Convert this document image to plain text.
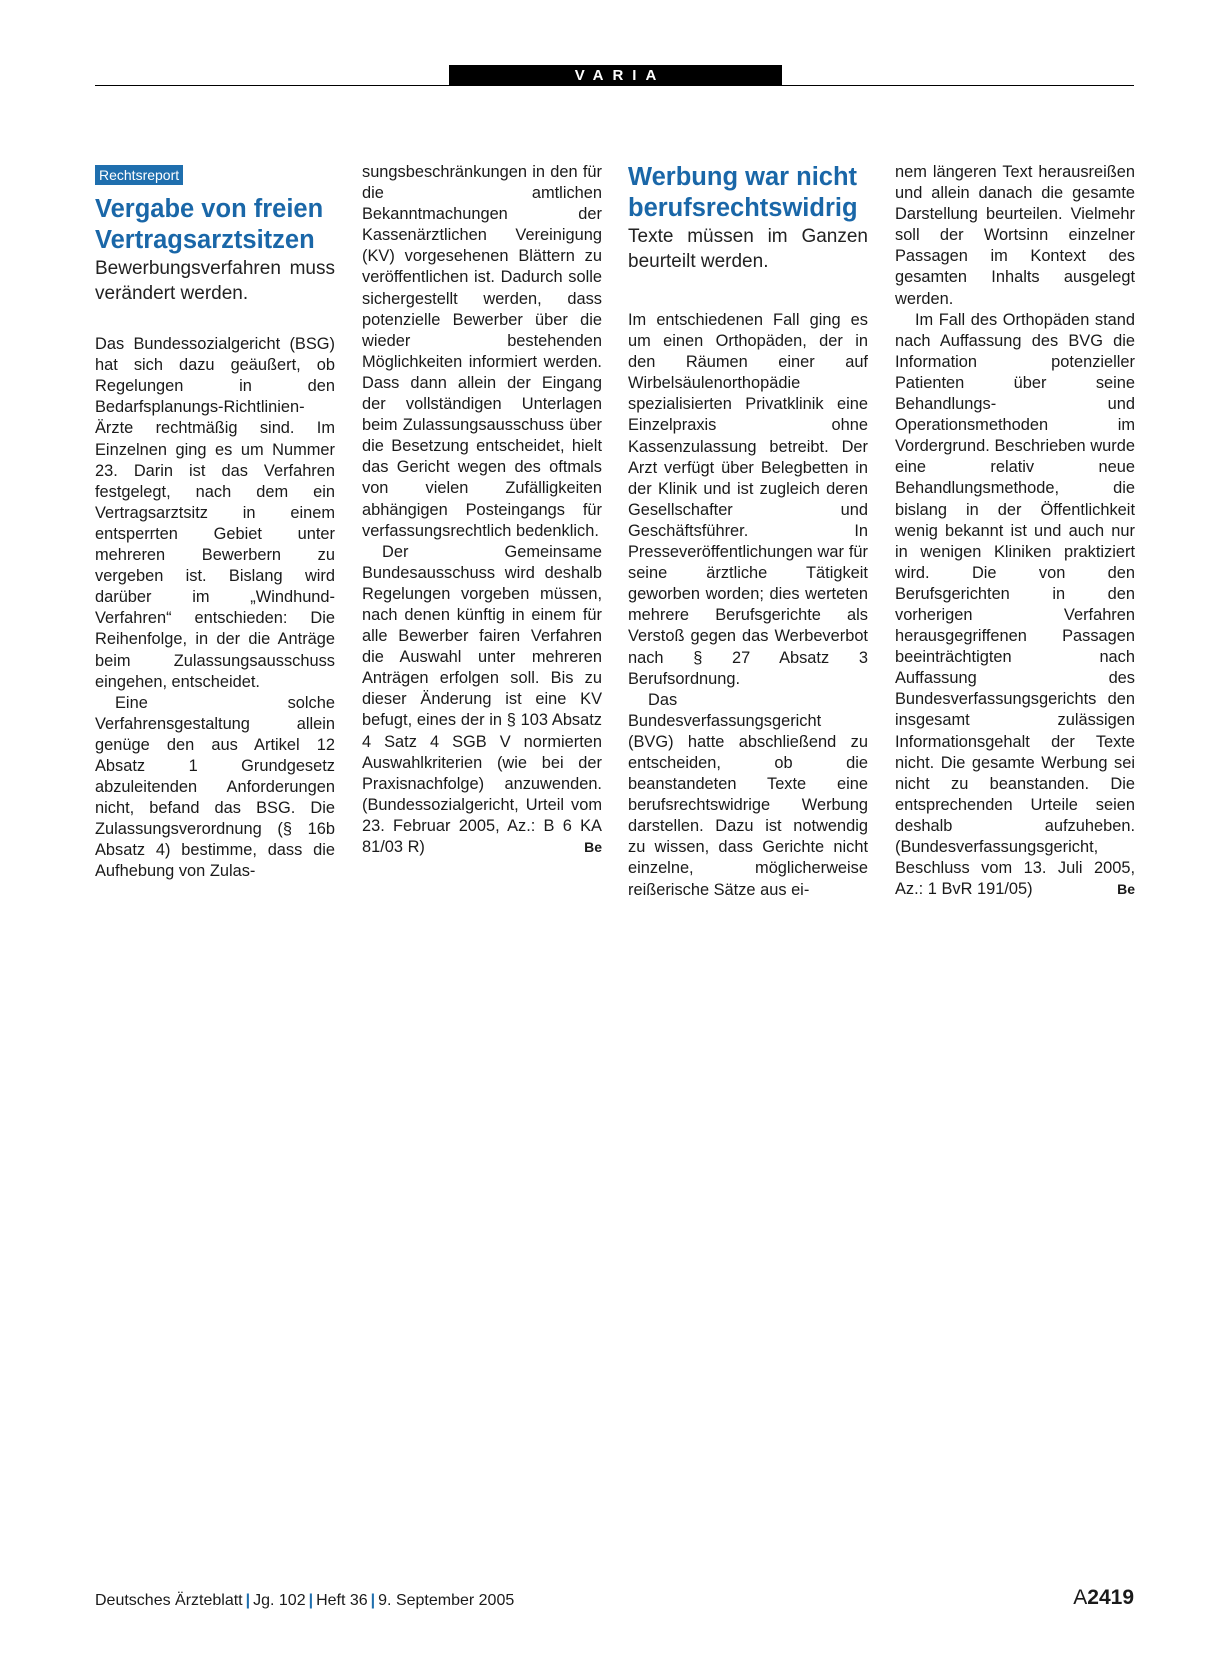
VARIA
Rechtsreport
Vergabe von freien Vertragsarztsitzen

Bewerbungsverfahren muss verändert werden.

Das Bundessozialgericht (BSG) hat sich dazu geäußert, ob Regelungen in den Bedarfsplanungs-Richtlinien-Ärzte rechtmäßig sind. Im Einzelnen ging es um Nummer 23. Darin ist das Verfahren festgelegt, nach dem ein Vertragsarztsitz in einem entsperrten Gebiet unter mehreren Bewerbern zu vergeben ist. Bislang wird darüber im „Windhund-Verfahren“ entschieden: Die Reihenfolge, in der die Anträge beim Zulassungsausschuss eingehen, entscheidet.

Eine solche Verfahrensgestaltung allein genüge den aus Artikel 12 Absatz 1 Grundgesetz abzuleitenden Anforderungen nicht, befand das BSG. Die Zulassungsverordnung (§ 16b Absatz 4) bestimme, dass die Aufhebung von Zulas-

sungsbeschränkungen in den für die amtlichen Bekanntmachungen der Kassenärztlichen Vereinigung (KV) vorgesehenen Blättern zu veröffentlichen ist. Dadurch solle sichergestellt werden, dass potenzielle Bewerber über die wieder bestehenden Möglichkeiten informiert werden. Dass dann allein der Eingang der vollständigen Unterlagen beim Zulassungsausschuss über die Besetzung entscheidet, hielt das Gericht wegen des oftmals von vielen Zufälligkeiten abhängigen Posteingangs für verfassungsrechtlich bedenklich.

Der Gemeinsame Bundesausschuss wird deshalb Regelungen vorgeben müssen, nach denen künftig in einem für alle Bewerber fairen Verfahren die Auswahl unter mehreren Anträgen erfolgen soll. Bis zu dieser Änderung ist eine KV befugt, eines der in § 103 Absatz 4 Satz 4 SGB V normierten Auswahlkriterien (wie bei der Praxisnachfolge) anzuwenden. (Bundessozialgericht, Urteil vom 23. Februar 2005, Az.: B 6 KA 81/03 R)	Be

Werbung war nicht berufsrechtswidrig

Texte müssen im Ganzen beurteilt werden.

Im entschiedenen Fall ging es um einen Orthopäden, der in den Räumen einer auf Wirbelsäulenorthopädie spezialisierten Privatklinik eine Einzelpraxis ohne Kassenzulassung betreibt. Der Arzt verfügt über Belegbetten in der Klinik und ist zugleich deren Gesellschafter und Geschäftsführer. In Presseveröffentlichungen war für seine ärztliche Tätigkeit geworben worden; dies werteten mehrere Berufsgerichte als Verstoß gegen das Werbeverbot nach § 27 Absatz 3 Berufsordnung.

Das Bundesverfassungsgericht (BVG) hatte abschließend zu entscheiden, ob die beanstandeten Texte eine berufsrechtswidrige Werbung darstellen. Dazu ist notwendig zu wissen, dass Gerichte nicht einzelne, möglicherweise reißerische Sätze aus ei-

nem längeren Text herausreißen und allein danach die gesamte Darstellung beurteilen. Vielmehr soll der Wortsinn einzelner Passagen im Kontext des gesamten Inhalts ausgelegt werden.

Im Fall des Orthopäden stand nach Auffassung des BVG die Information potenzieller Patienten über seine Behandlungs- und Operationsmethoden im Vordergrund. Beschrieben wurde eine relativ neue Behandlungsmethode, die bislang in der Öffentlichkeit wenig bekannt ist und auch nur in wenigen Kliniken praktiziert wird. Die von den Berufsgerichten in den vorherigen Verfahren herausgegriffenen Passagen beeinträchtigten nach Auffassung des Bundesverfassungsgerichts den insgesamt zulässigen Informationsgehalt der Texte nicht. Die gesamte Werbung sei nicht zu beanstanden. Die entsprechenden Urteile seien deshalb aufzuheben. (Bundesverfassungsgericht, Beschluss vom 13. Juli 2005, Az.: 1 BvR 191/05)	Be

Deutsches Ärzteblatt | Jg. 102 | Heft 36 | 9. September 2005	A2419
